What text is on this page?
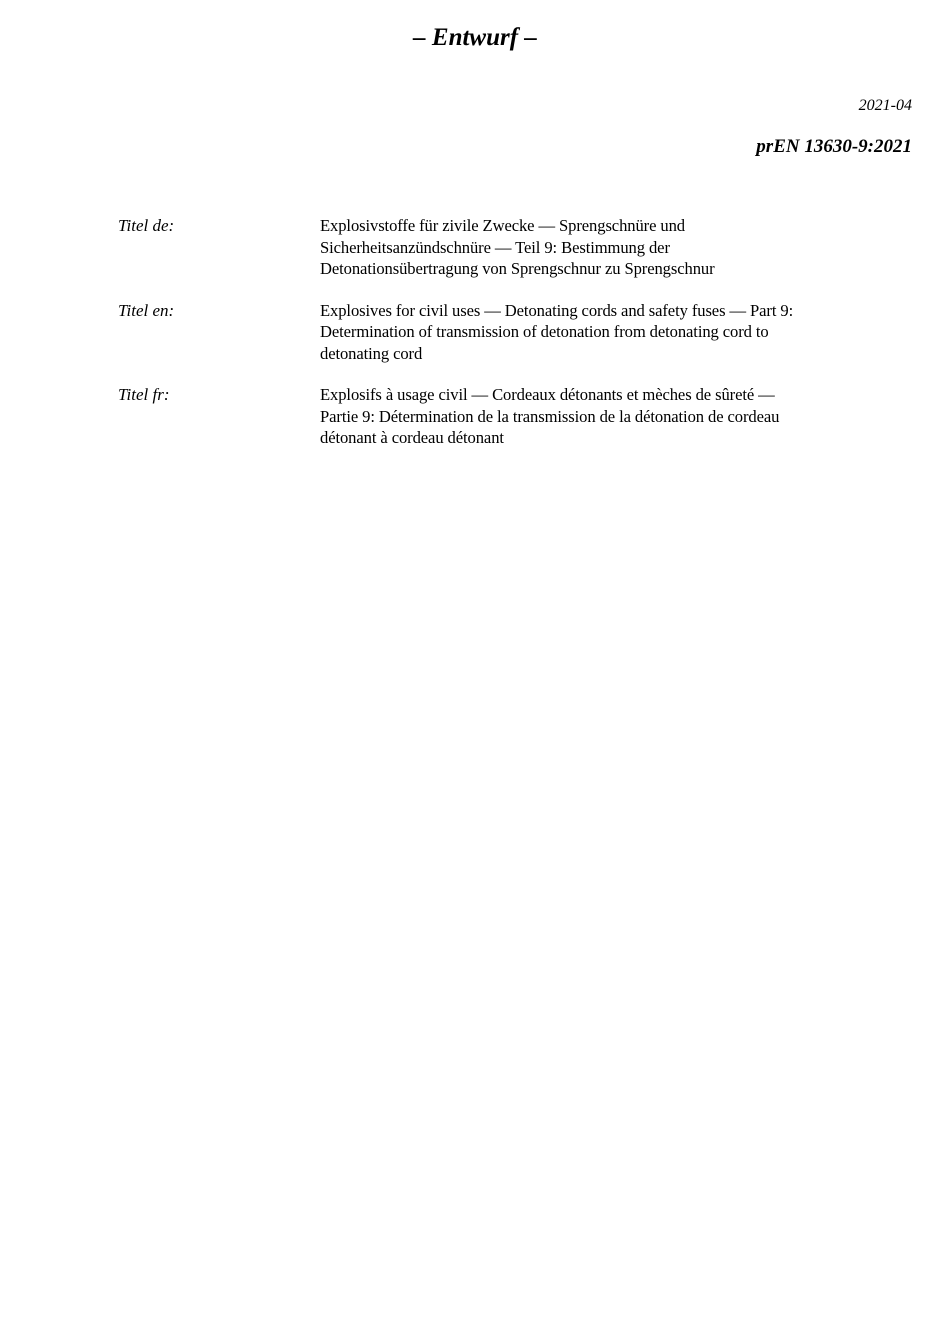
– Entwurf –
2021-04
prEN 13630-9:2021
Titel de:	Explosivstoffe für zivile Zwecke — Sprengschnüre und
Sicherheitsanzündschnüre — Teil 9: Bestimmung der
Detonationsübertragung von Sprengschnur zu Sprengschnur
Titel en:	Explosives for civil uses — Detonating cords and safety fuses — Part 9:
Determination of transmission of detonation from detonating cord to
detonating cord
Titel fr:	Explosifs à usage civil — Cordeaux détonants et mèches de sûreté —
Partie 9: Détermination de la transmission de la détonation de cordeau
détonant à cordeau détonant
